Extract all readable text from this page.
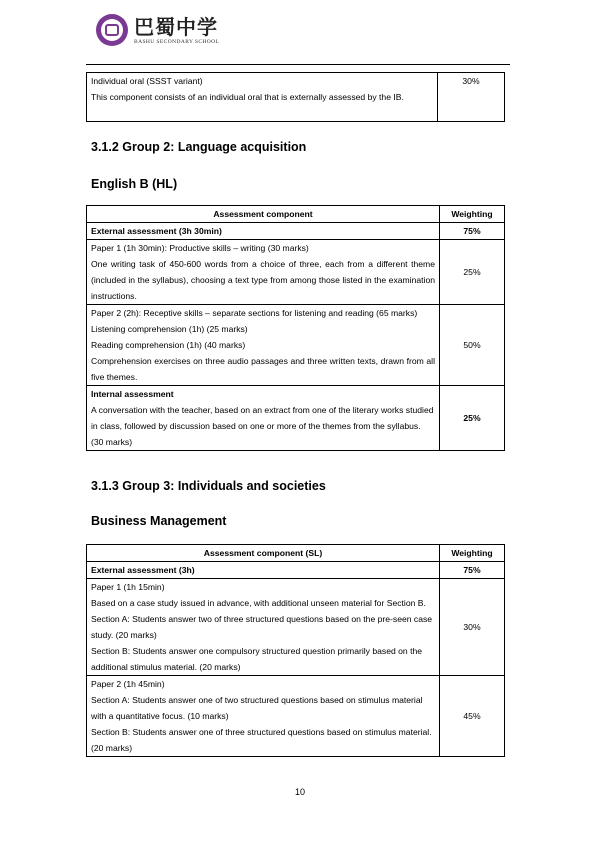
巴蜀中学
BASHU SECONDARY SCHOOL
Individual oral (SSST variant)
This component consists of an individual oral that is externally assessed by the IB.
	30%
3.1.2 Group 2: Language acquisition
English B (HL)
Assessment component	Weighting
External assessment (3h 30min)	75%

Paper 1 (1h 30min): Productive skills – writing (30 marks)
One writing task of 450-600 words from a choice of three, each from a different theme (included in the syllabus), choosing a text type from among those listed in the examination instructions.	25%

Paper 2 (2h): Receptive skills – separate sections for listening and reading (65 marks)
Listening comprehension (1h) (25 marks)
Reading comprehension (1h) (40 marks)
Comprehension exercises on three audio passages and three written texts, drawn from all five themes.	50%

Internal assessment
A conversation with the teacher, based on an extract from one of the literary works studied in class, followed by discussion based on one or more of the themes from the syllabus. (30 marks)	25%
3.1.3 Group 3: Individuals and societies
Business Management
Assessment component (SL)	Weighting
External assessment (3h)	75%

Paper 1 (1h 15min)
Based on a case study issued in advance, with additional unseen material for Section B.
Section A: Students answer two of three structured questions based on the pre-seen case study. (20 marks)
Section B: Students answer one compulsory structured question primarily based on the additional stimulus material. (20 marks)	30%

Paper 2 (1h 45min)
Section A: Students answer one of two structured questions based on stimulus material with a quantitative focus. (10 marks)
Section B: Students answer one of three structured questions based on stimulus material. (20 marks)	45%
10
